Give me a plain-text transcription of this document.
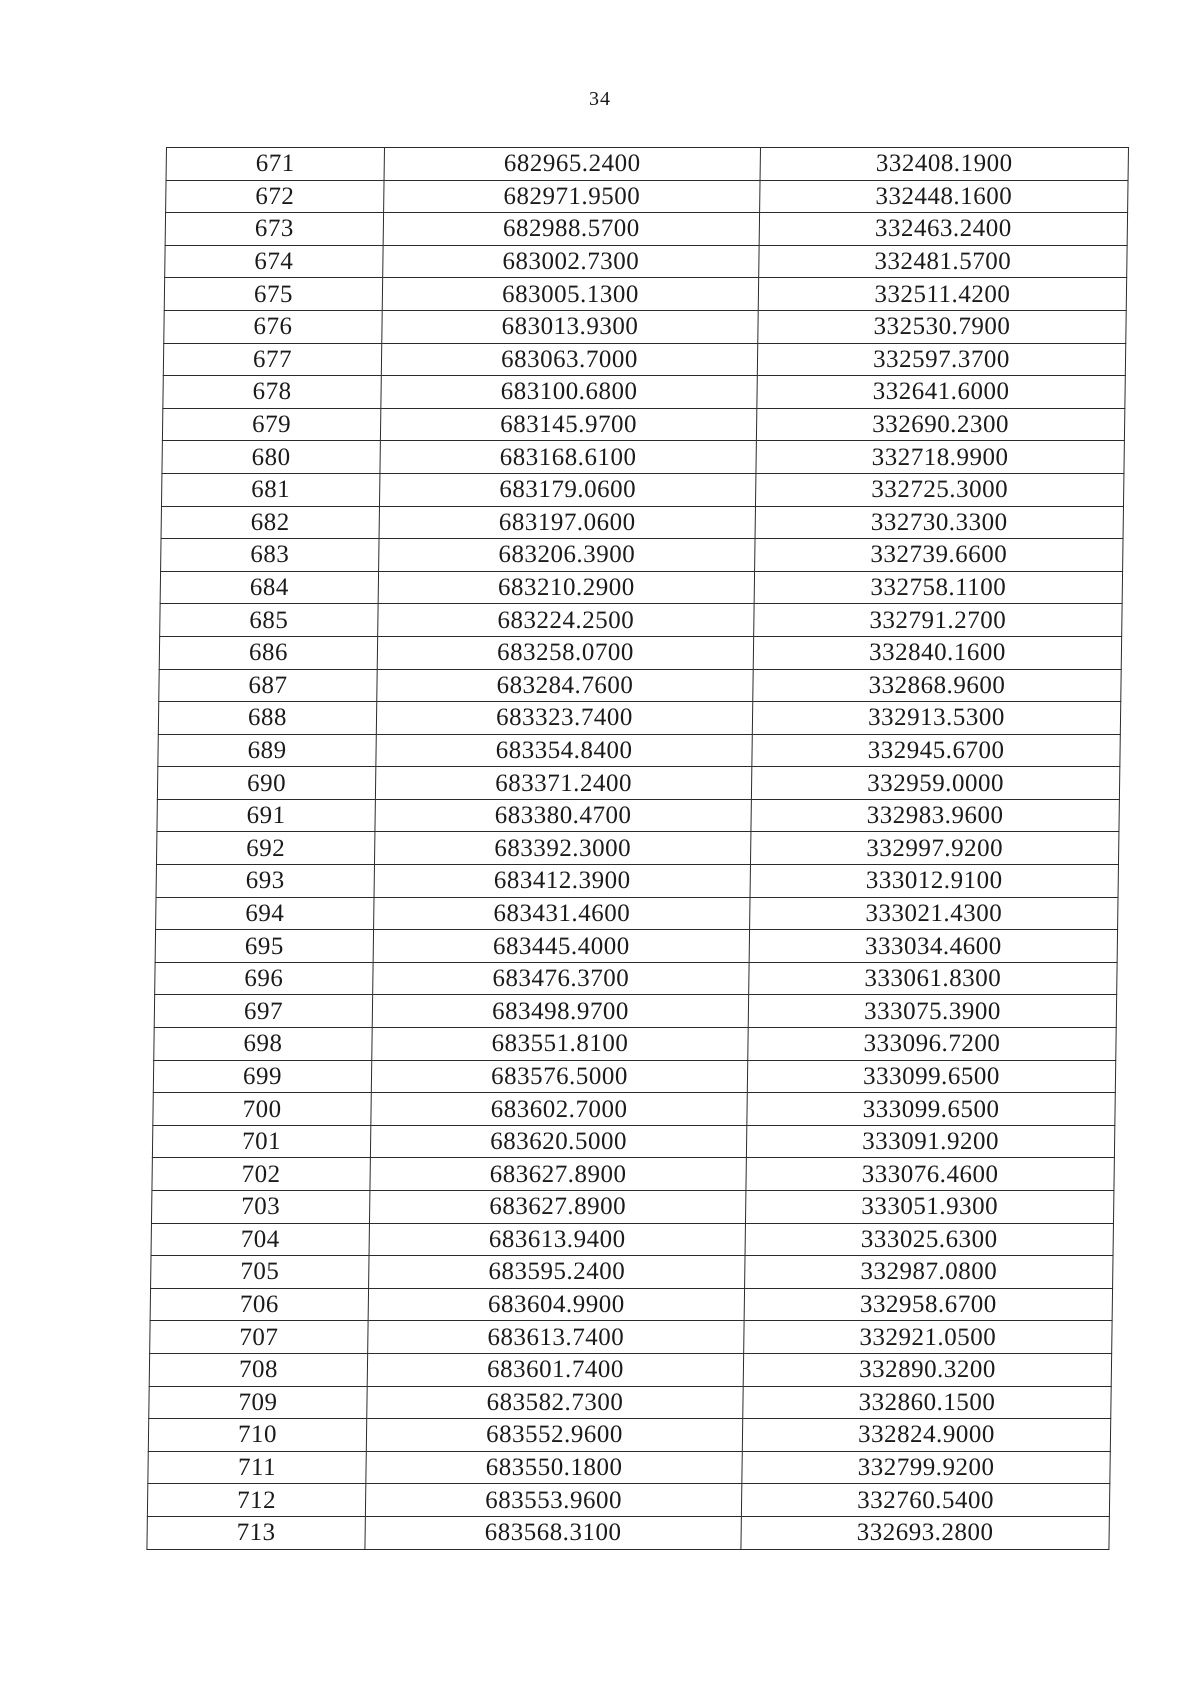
34
671	682965.2400	332408.1900
672	682971.9500	332448.1600
673	682988.5700	332463.2400
674	683002.7300	332481.5700
675	683005.1300	332511.4200
676	683013.9300	332530.7900
677	683063.7000	332597.3700
678	683100.6800	332641.6000
679	683145.9700	332690.2300
680	683168.6100	332718.9900
681	683179.0600	332725.3000
682	683197.0600	332730.3300
683	683206.3900	332739.6600
684	683210.2900	332758.1100
685	683224.2500	332791.2700
686	683258.0700	332840.1600
687	683284.7600	332868.9600
688	683323.7400	332913.5300
689	683354.8400	332945.6700
690	683371.2400	332959.0000
691	683380.4700	332983.9600
692	683392.3000	332997.9200
693	683412.3900	333012.9100
694	683431.4600	333021.4300
695	683445.4000	333034.4600
696	683476.3700	333061.8300
697	683498.9700	333075.3900
698	683551.8100	333096.7200
699	683576.5000	333099.6500
700	683602.7000	333099.6500
701	683620.5000	333091.9200
702	683627.8900	333076.4600
703	683627.8900	333051.9300
704	683613.9400	333025.6300
705	683595.2400	332987.0800
706	683604.9900	332958.6700
707	683613.7400	332921.0500
708	683601.7400	332890.3200
709	683582.7300	332860.1500
710	683552.9600	332824.9000
711	683550.1800	332799.9200
712	683553.9600	332760.5400
713	683568.3100	332693.2800
